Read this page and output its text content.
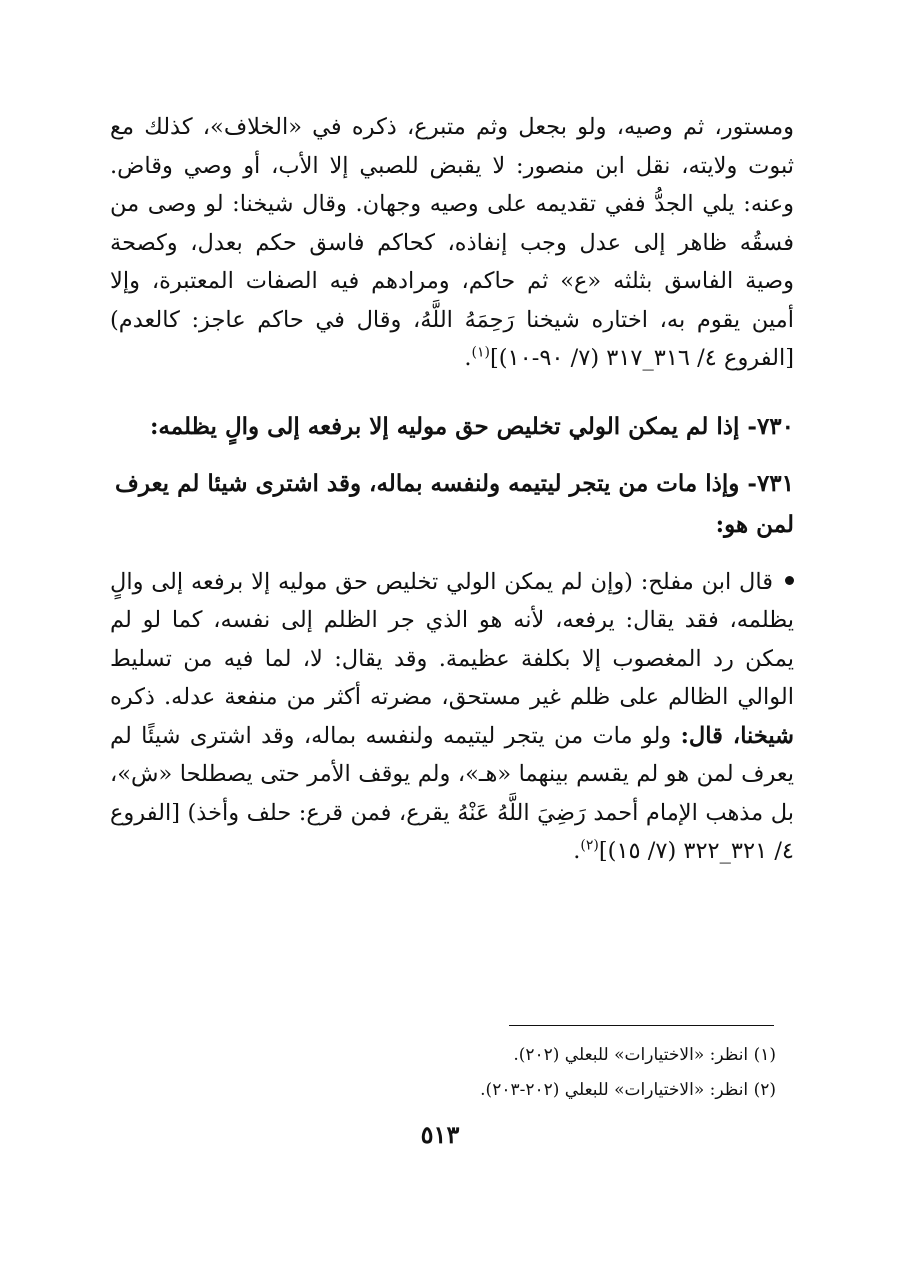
ومستور، ثم وصيه، ولو بجعل وثم متبرع، ذكره في «الخلاف»، كذلك مع ثبوت ولايته، نقل ابن منصور: لا يقبض للصبي إلا الأب، أو وصي وقاض. وعنه: يلي الجدُّ ففي تقديمه على وصيه وجهان. وقال شيخنا: لو وصى من فسقُه ظاهر إلى عدل وجب إنفاذه، كحاكم فاسق حكم بعدل، وكصحة وصية الفاسق بثلثه «ع» ثم حاكم، ومرادهم فيه الصفات المعتبرة، وإلا أمين يقوم به، اختاره شيخنا رَحِمَهُ اللَّهُ، وقال في حاكم عاجز: كالعدم) [الفروع ٤/ ٣١٦_٣١٧ (٧/ ٩٠-١٠)]$^{(١)}$.

٧٣٠- إذا لم يمكن الولي تخليص حق موليه إلا برفعه إلى والٍ يظلمه:

٧٣١- وإذا مات من يتجر ليتيمه ولنفسه بماله، وقد اشترى شيئا لم يعرف لمن هو:

قال ابن مفلح: (وإن لم يمكن الولي تخليص حق موليه إلا برفعه إلى والٍ يظلمه، فقد يقال: يرفعه، لأنه هو الذي جر الظلم إلى نفسه، كما لو لم يمكن رد المغصوب إلا بكلفة عظيمة. وقد يقال: لا، لما فيه من تسليط الوالي الظالم على ظلم غير مستحق، مضرته أكثر من منفعة عدله. ذكره شيخنا، قال: ولو مات من يتجر ليتيمه ولنفسه بماله، وقد اشترى شيئًا لم يعرف لمن هو لم يقسم بينهما «هـ»، ولم يوقف الأمر حتى يصطلحا «ش»، بل مذهب الإمام أحمد رَضِيَ اللَّهُ عَنْهُ يقرع، فمن قرع: حلف وأخذ) [الفروع ٤/ ٣٢١_٣٢٢ (٧/ ١٥)]$^{(٢)}$.

(١) انظر: «الاختيارات» للبعلي (٢٠٢).

(٢) انظر: «الاختيارات» للبعلي (٢٠٢-٢٠٣).

٥١٣
